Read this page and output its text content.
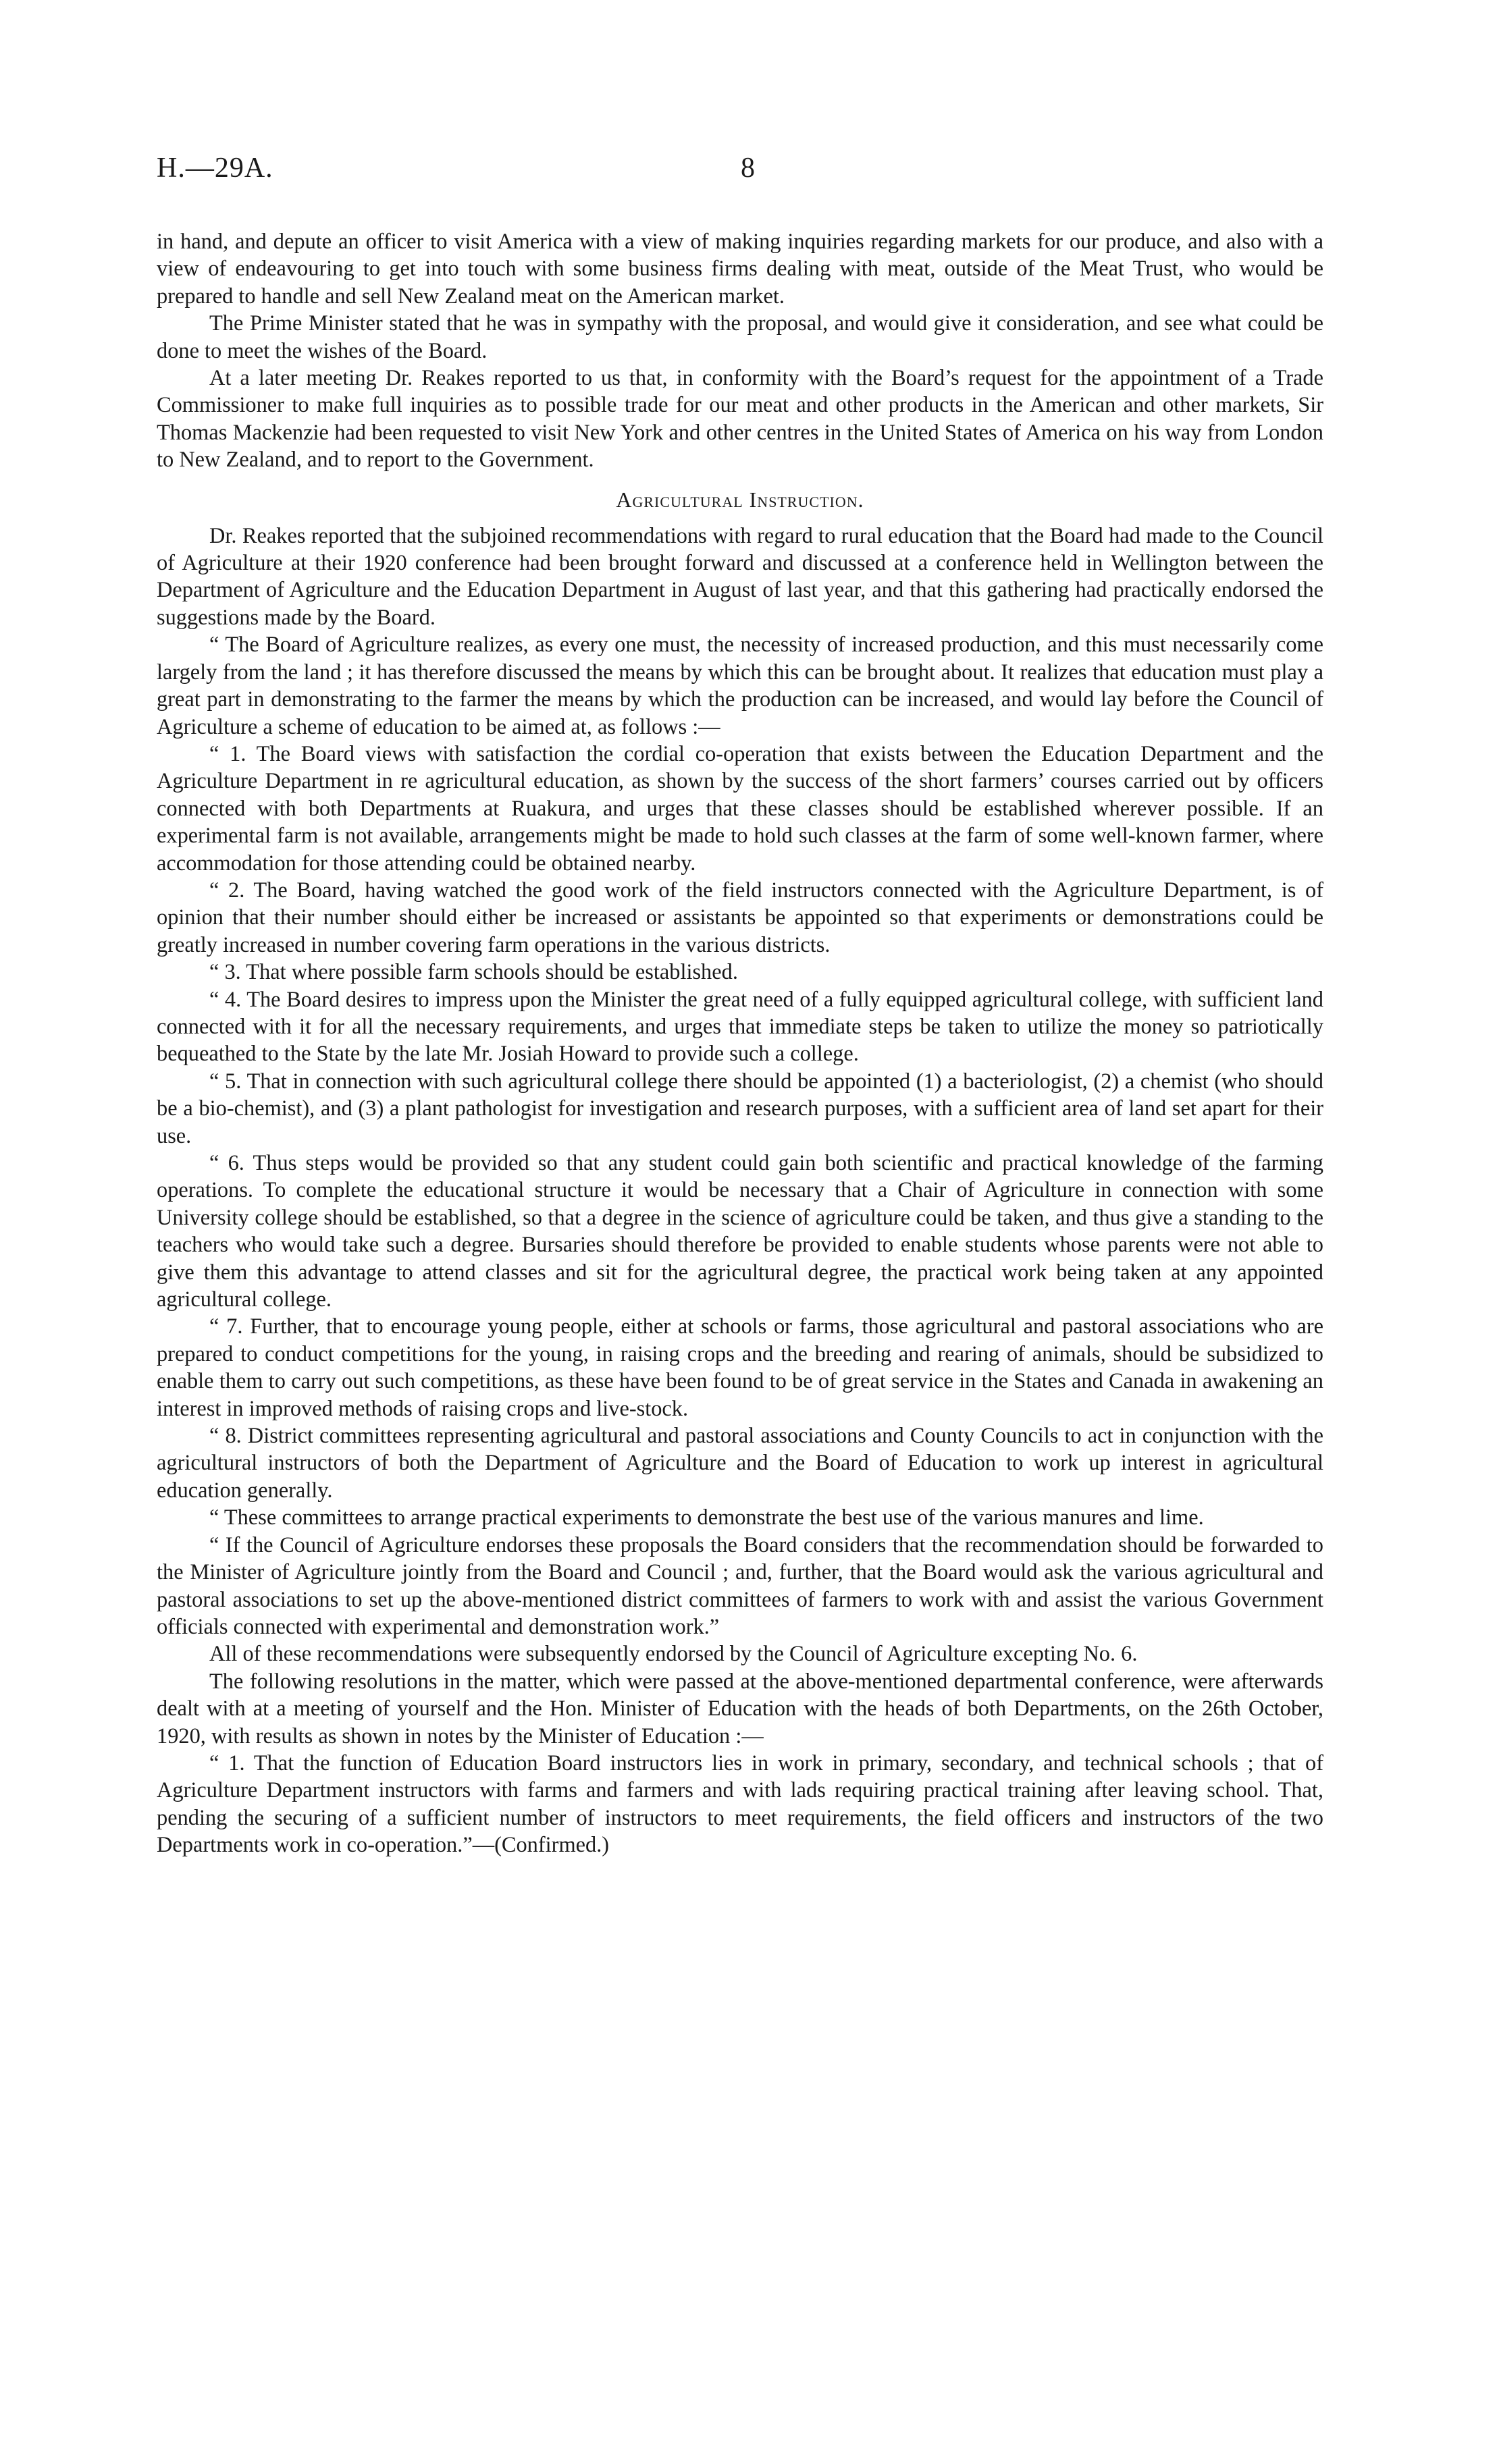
H.—29A.	8

in hand, and depute an officer to visit America with a view of making inquiries regarding markets for our produce, and also with a view of endeavouring to get into touch with some business firms dealing with meat, outside of the Meat Trust, who would be prepared to handle and sell New Zealand meat on the American market.

The Prime Minister stated that he was in sympathy with the proposal, and would give it consideration, and see what could be done to meet the wishes of the Board.

At a later meeting Dr. Reakes reported to us that, in conformity with the Board’s request for the appointment of a Trade Commissioner to make full inquiries as to possible trade for our meat and other products in the American and other markets, Sir Thomas Mackenzie had been requested to visit New York and other centres in the United States of America on his way from London to New Zealand, and to report to the Government.

Agricultural Instruction.

Dr. Reakes reported that the subjoined recommendations with regard to rural education that the Board had made to the Council of Agriculture at their 1920 conference had been brought forward and discussed at a conference held in Wellington between the Department of Agriculture and the Education Department in August of last year, and that this gathering had practically endorsed the suggestions made by the Board.

“ The Board of Agriculture realizes, as every one must, the necessity of increased production, and this must necessarily come largely from the land ; it has therefore discussed the means by which this can be brought about. It realizes that education must play a great part in demonstrating to the farmer the means by which the production can be increased, and would lay before the Council of Agriculture a scheme of education to be aimed at, as follows :—

“ 1. The Board views with satisfaction the cordial co-operation that exists between the Education Department and the Agriculture Department in re agricultural education, as shown by the success of the short farmers’ courses carried out by officers connected with both Departments at Ruakura, and urges that these classes should be established wherever possible. If an experimental farm is not available, arrangements might be made to hold such classes at the farm of some well-known farmer, where accommodation for those attending could be obtained nearby.

“ 2. The Board, having watched the good work of the field instructors connected with the Agriculture Department, is of opinion that their number should either be increased or assistants be appointed so that experiments or demonstrations could be greatly increased in number covering farm operations in the various districts.

“ 3. That where possible farm schools should be established.

“ 4. The Board desires to impress upon the Minister the great need of a fully equipped agricultural college, with sufficient land connected with it for all the necessary requirements, and urges that immediate steps be taken to utilize the money so patriotically bequeathed to the State by the late Mr. Josiah Howard to provide such a college.

“ 5. That in connection with such agricultural college there should be appointed (1) a bacteriologist, (2) a chemist (who should be a bio-chemist), and (3) a plant pathologist for investigation and research purposes, with a sufficient area of land set apart for their use.

“ 6. Thus steps would be provided so that any student could gain both scientific and practical knowledge of the farming operations. To complete the educational structure it would be necessary that a Chair of Agriculture in connection with some University college should be established, so that a degree in the science of agriculture could be taken, and thus give a standing to the teachers who would take such a degree. Bursaries should therefore be provided to enable students whose parents were not able to give them this advantage to attend classes and sit for the agricultural degree, the practical work being taken at any appointed agricultural college.

“ 7. Further, that to encourage young people, either at schools or farms, those agricultural and pastoral associations who are prepared to conduct competitions for the young, in raising crops and the breeding and rearing of animals, should be subsidized to enable them to carry out such competitions, as these have been found to be of great service in the States and Canada in awakening an interest in improved methods of raising crops and live-stock.

“ 8. District committees representing agricultural and pastoral associations and County Councils to act in conjunction with the agricultural instructors of both the Department of Agriculture and the Board of Education to work up interest in agricultural education generally.

“ These committees to arrange practical experiments to demonstrate the best use of the various manures and lime.

“ If the Council of Agriculture endorses these proposals the Board considers that the recommendation should be forwarded to the Minister of Agriculture jointly from the Board and Council ; and, further, that the Board would ask the various agricultural and pastoral associations to set up the above-mentioned district committees of farmers to work with and assist the various Government officials connected with experimental and demonstration work.”

All of these recommendations were subsequently endorsed by the Council of Agriculture excepting No. 6.

The following resolutions in the matter, which were passed at the above-mentioned departmental conference, were afterwards dealt with at a meeting of yourself and the Hon. Minister of Education with the heads of both Departments, on the 26th October, 1920, with results as shown in notes by the Minister of Education :—

“ 1. That the function of Education Board instructors lies in work in primary, secondary, and technical schools ; that of Agriculture Department instructors with farms and farmers and with lads requiring practical training after leaving school. That, pending the securing of a sufficient number of instructors to meet requirements, the field officers and instructors of the two Departments work in co-operation.”—(Confirmed.)
